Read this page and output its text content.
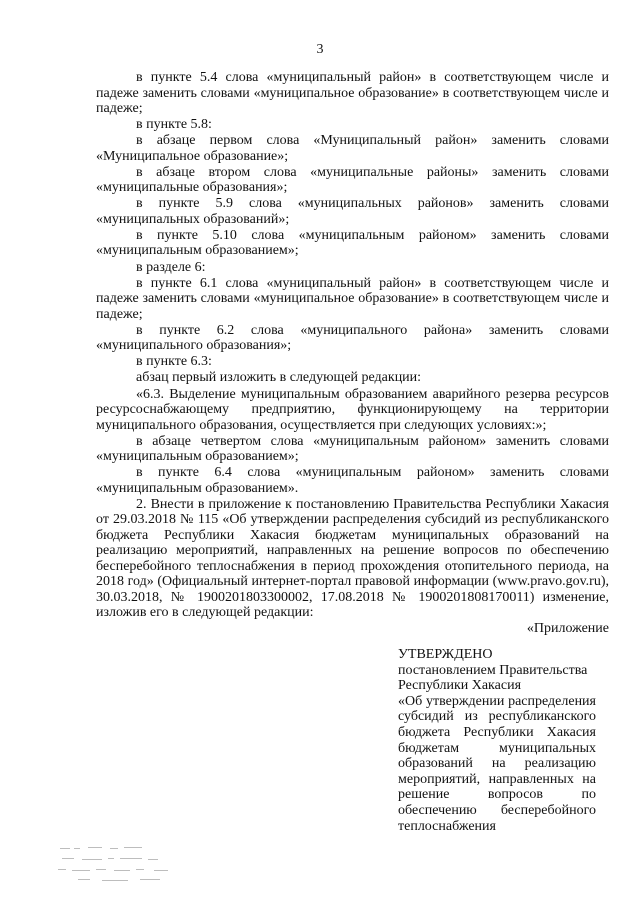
3

в пункте 5.4 слова «муниципальный район» в соответствующем числе и падеже заменить словами «муниципальное образование» в соответствующем числе и падеже;

в пункте 5.8:

в абзаце первом слова «Муниципальный район» заменить словами «Муниципальное образование»;

в абзаце втором слова «муниципальные районы» заменить словами «муниципальные образования»;

в пункте 5.9 слова «муниципальных районов» заменить словами «муниципальных образований»;

в пункте 5.10 слова «муниципальным районом» заменить словами «муниципальным образованием»;

в разделе 6:

в пункте 6.1 слова «муниципальный район» в соответствующем числе и падеже заменить словами «муниципальное образование» в соответствующем числе и падеже;

в пункте 6.2 слова «муниципального района» заменить словами «муниципального образования»;

в пункте 6.3:

абзац первый изложить в следующей редакции:

«6.3. Выделение муниципальным образованием аварийного резерва ресурсов ресурсоснабжающему предприятию, функционирующему на территории муниципального образования, осуществляется при следующих условиях:»;

в абзаце четвертом слова «муниципальным районом» заменить словами «муниципальным образованием»;

в пункте 6.4 слова «муниципальным районом» заменить словами «муниципальным образованием».

2. Внести в приложение к постановлению Правительства Республики Хакасия от 29.03.2018 № 115 «Об утверждении распределения субсидий из республиканского бюджета Республики Хакасия бюджетам муниципальных образований на реализацию мероприятий, направленных на решение вопросов по обеспечению бесперебойного теплоснабжения в период прохождения отопительного периода, на 2018 год» (Официальный интернет-портал правовой информации (www.pravo.gov.ru), 30.03.2018, № 1900201803300002, 17.08.2018 № 1900201808170011) изменение, изложив его в следующей редакции:

«Приложение

УТВЕРЖДЕНО

постановлением Правительства

Республики Хакасия

«Об утверждении распределения субсидий из республиканского бюджета Республики Хакасия бюджетам муниципальных образований на реализацию мероприятий, направленных на решение вопросов по обеспечению бесперебойного теплоснабжения
